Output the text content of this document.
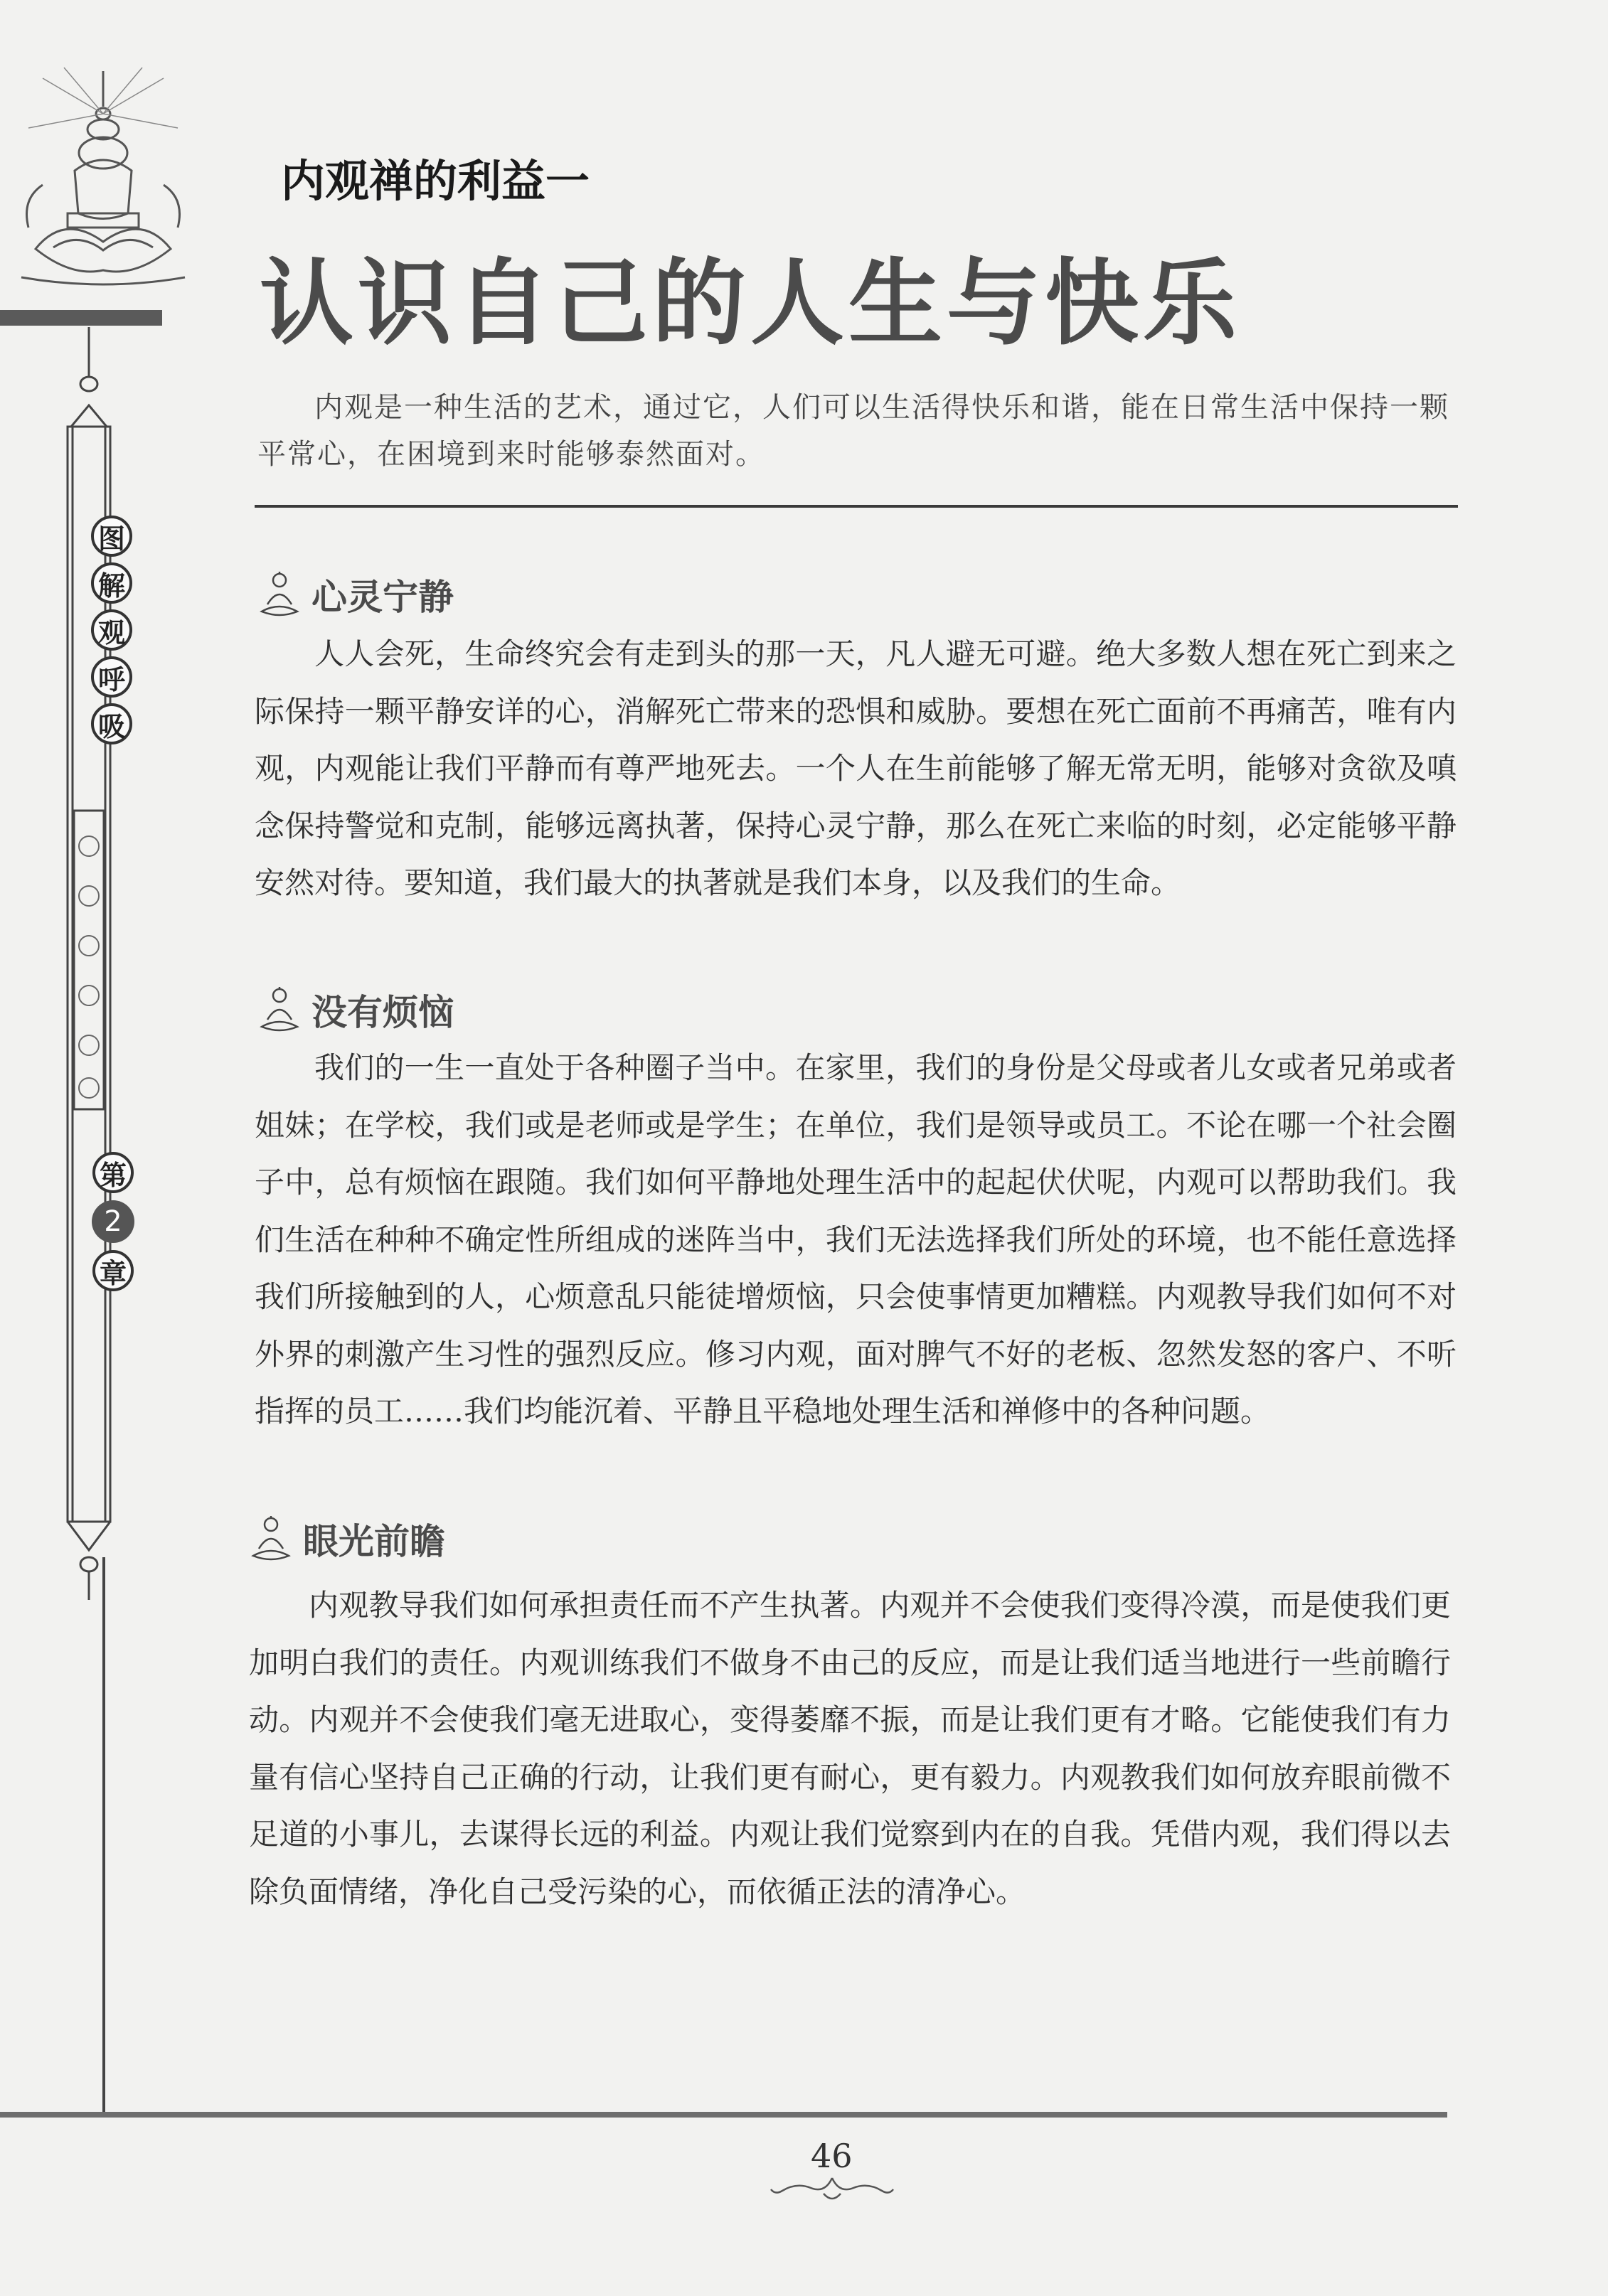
图
解
观
呼
吸
第
2
章
内观禅的利益一
认识自己的人生与快乐

内观是一种生活的艺术，通过它，人们可以生活得快乐和谐，能在日常生活中保持一颗平常心，在困境到来时能够泰然面对。

心灵宁静

人人会死，生命终究会有走到头的那一天，凡人避无可避。绝大多数人想在死亡到来之际保持一颗平静安详的心，消解死亡带来的恐惧和威胁。要想在死亡面前不再痛苦，唯有内观，内观能让我们平静而有尊严地死去。一个人在生前能够了解无常无明，能够对贪欲及嗔念保持警觉和克制，能够远离执著，保持心灵宁静，那么在死亡来临的时刻，必定能够平静安然对待。要知道，我们最大的执著就是我们本身，以及我们的生命。

没有烦恼

我们的一生一直处于各种圈子当中。在家里，我们的身份是父母或者儿女或者兄弟或者姐妹；在学校，我们或是老师或是学生；在单位，我们是领导或员工。不论在哪一个社会圈子中，总有烦恼在跟随。我们如何平静地处理生活中的起起伏伏呢，内观可以帮助我们。我们生活在种种不确定性所组成的迷阵当中，我们无法选择我们所处的环境，也不能任意选择我们所接触到的人，心烦意乱只能徒增烦恼，只会使事情更加糟糕。内观教导我们如何不对外界的刺激产生习性的强烈反应。修习内观，面对脾气不好的老板、忽然发怒的客户、不听指挥的员工……我们均能沉着、平静且平稳地处理生活和禅修中的各种问题。

眼光前瞻

内观教导我们如何承担责任而不产生执著。内观并不会使我们变得冷漠，而是使我们更加明白我们的责任。内观训练我们不做身不由己的反应，而是让我们适当地进行一些前瞻行动。内观并不会使我们毫无进取心，变得萎靡不振，而是让我们更有才略。它能使我们有力量有信心坚持自己正确的行动，让我们更有耐心，更有毅力。内观教我们如何放弃眼前微不足道的小事儿，去谋得长远的利益。内观让我们觉察到内在的自我。凭借内观，我们得以去除负面情绪，净化自己受污染的心，而依循正法的清净心。

46
